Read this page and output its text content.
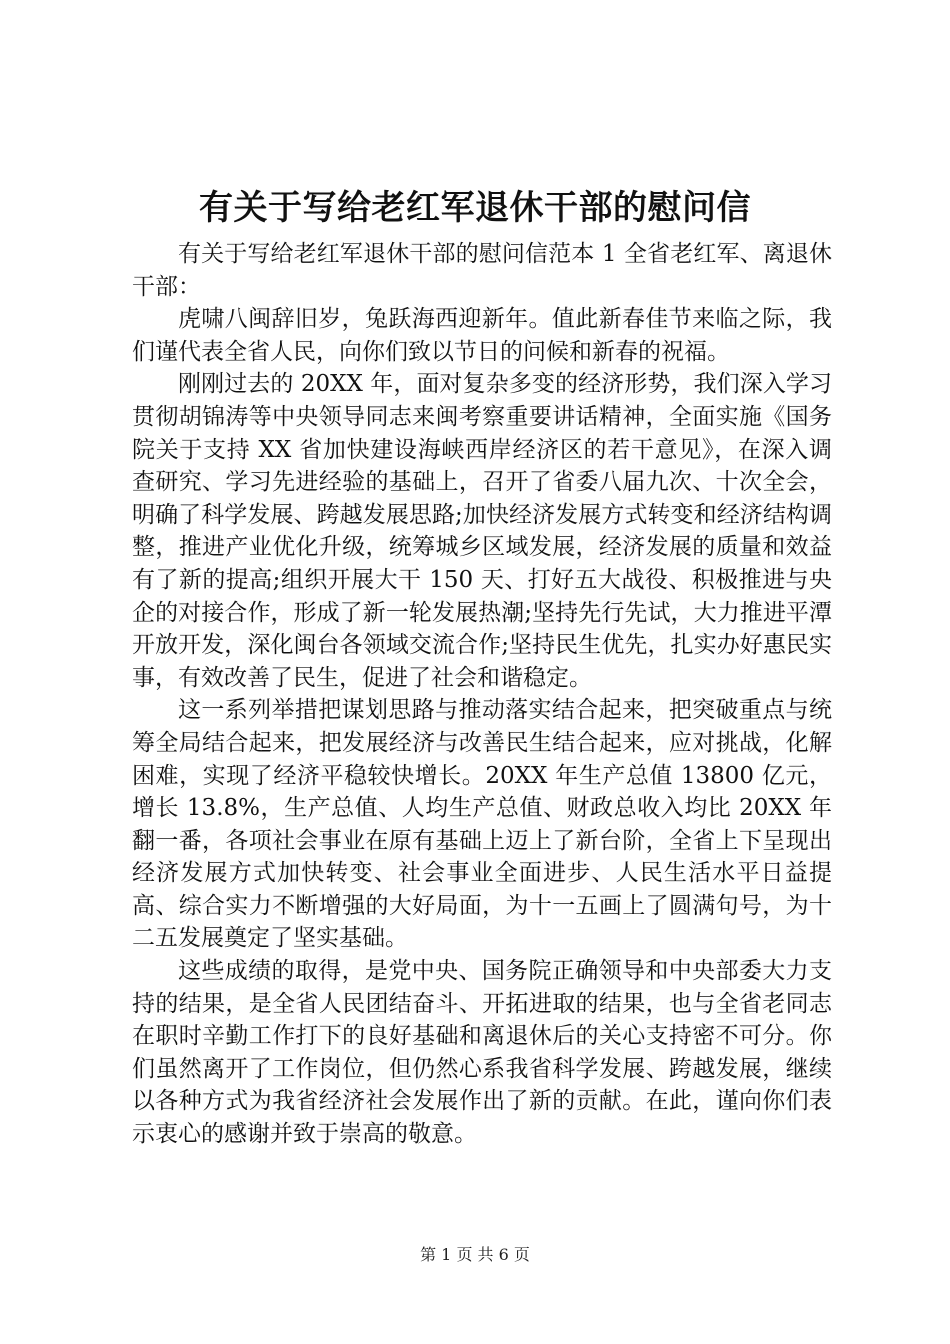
有关于写给老红军退休干部的慰问信

有关于写给老红军退休干部的慰问信范本 1 全省老红军、离退休干部：

虎啸八闽辞旧岁，兔跃海西迎新年。值此新春佳节来临之际，我们谨代表全省人民，向你们致以节日的问候和新春的祝福。

刚刚过去的 20XX 年，面对复杂多变的经济形势，我们深入学习贯彻胡锦涛等中央领导同志来闽考察重要讲话精神，全面实施《国务院关于支持 XX 省加快建设海峡西岸经济区的若干意见》，在深入调查研究、学习先进经验的基础上，召开了省委八届九次、十次全会，明确了科学发展、跨越发展思路;加快经济发展方式转变和经济结构调整，推进产业优化升级，统筹城乡区域发展，经济发展的质量和效益有了新的提高;组织开展大干 150 天、打好五大战役、积极推进与央企的对接合作，形成了新一轮发展热潮;坚持先行先试，大力推进平潭开放开发，深化闽台各领域交流合作;坚持民生优先，扎实办好惠民实事，有效改善了民生，促进了社会和谐稳定。

这一系列举措把谋划思路与推动落实结合起来，把突破重点与统筹全局结合起来，把发展经济与改善民生结合起来，应对挑战，化解困难，实现了经济平稳较快增长。20XX 年生产总值 13800 亿元，增长 13.8%，生产总值、人均生产总值、财政总收入均比 20XX 年翻一番，各项社会事业在原有基础上迈上了新台阶，全省上下呈现出经济发展方式加快转变、社会事业全面进步、人民生活水平日益提高、综合实力不断增强的大好局面，为十一五画上了圆满句号，为十二五发展奠定了坚实基础。

这些成绩的取得，是党中央、国务院正确领导和中央部委大力支持的结果，是全省人民团结奋斗、开拓进取的结果，也与全省老同志在职时辛勤工作打下的良好基础和离退休后的关心支持密不可分。你们虽然离开了工作岗位，但仍然心系我省科学发展、跨越发展，继续以各种方式为我省经济社会发展作出了新的贡献。在此，谨向你们表示衷心的感谢并致于崇高的敬意。

第 1 页 共 6 页
